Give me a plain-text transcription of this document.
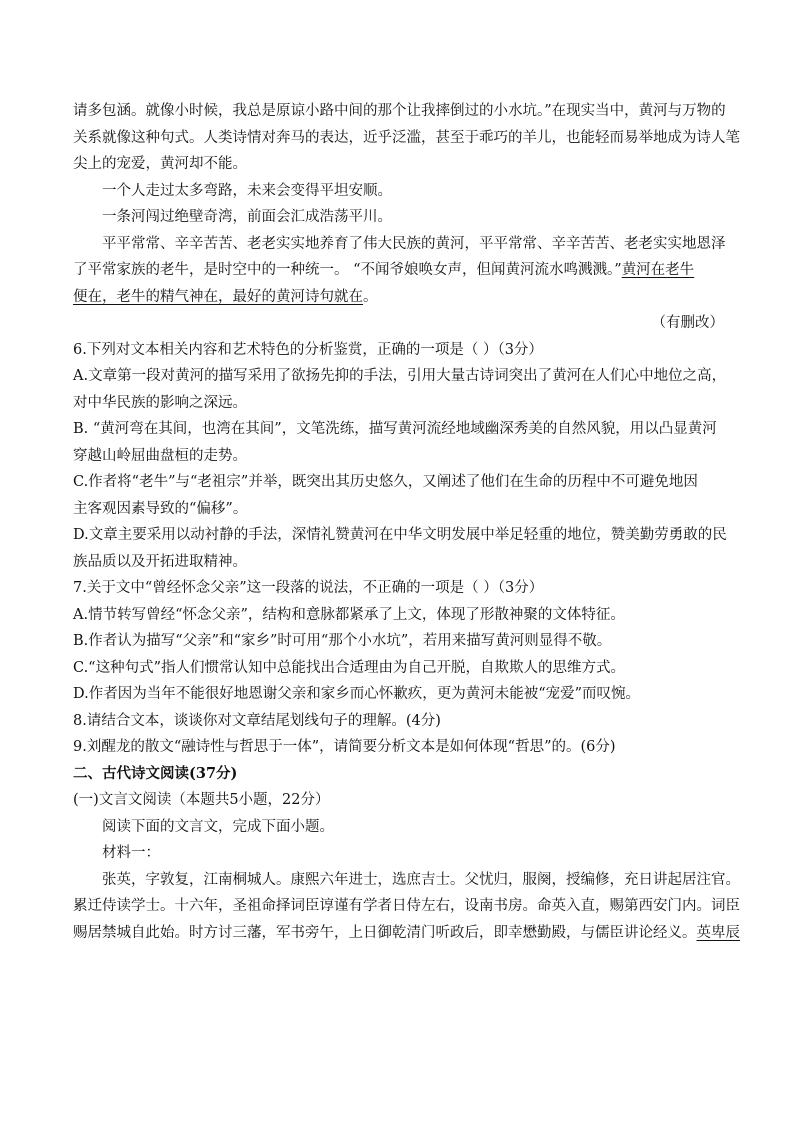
请多包涵。就像小时候，我总是原谅小路中间的那个让我摔倒过的小水坑。”在现实当中，黄河与万物的
关系就像这种句式。人类诗情对奔马的表达，近乎泛滥，甚至于乖巧的羊儿，也能轻而易举地成为诗人笔
尖上的宠爱，黄河却不能。
一个人走过太多弯路，未来会变得平坦安顺。
一条河闯过绝壁奇湾，前面会汇成浩荡平川。
平平常常、辛辛苦苦、老老实实地养育了伟大民族的黄河，平平常常、辛辛苦苦、老老实实地恩泽
了平常家族的老牛，是时空中的一种统一。 “不闻爷娘唤女声，但闻黄河流水鸣溅溅。”黄河在老牛
便在，老牛的精气神在，最好的黄河诗句就在。
（有删改）
6.下列对文本相关内容和艺术特色的分析鉴赏，正确的一项是（ ）（3分）
A.文章第一段对黄河的描写采用了欲扬先抑的手法，引用大量古诗词突出了黄河在人们心中地位之高，
对中华民族的影响之深远。
B. “黄河弯在其间，也湾在其间”，文笔洗练，描写黄河流经地域幽深秀美的自然风貌，用以凸显黄河
穿越山岭屈曲盘桓的走势。
C.作者将“老牛”与“老祖宗”并举，既突出其历史悠久，又阐述了他们在生命的历程中不可避免地因
主客观因素导致的“偏移”。
D.文章主要采用以动衬静的手法，深情礼赞黄河在中华文明发展中举足轻重的地位，赞美勤劳勇敢的民
族品质以及开拓进取精神。
7.关于文中“曾经怀念父亲”这一段落的说法，不正确的一项是（ ）（3分）
A.情节转写曾经“怀念父亲”，结构和意脉都紧承了上文，体现了形散神聚的文体特征。
B.作者认为描写“父亲”和“家乡”时可用“那个小水坑”，若用来描写黄河则显得不敬。
C.“这种句式”指人们惯常认知中总能找出合适理由为自己开脱，自欺欺人的思维方式。
D.作者因为当年不能很好地恩谢父亲和家乡而心怀歉疚，更为黄河未能被“宠爱”而叹惋。
8.请结合文本，谈谈你对文章结尾划线句子的理解。(4分)
9.刘醒龙的散文“融诗性与哲思于一体”，请简要分析文本是如何体现“哲思”的。(6分)
二、古代诗文阅读(37分)
(一)文言文阅读（本题共5小题，22分）
阅读下面的文言文，完成下面小题。
材料一：
张英，字敦复，江南桐城人。康熙六年进士，选庶吉士。父忧归，服阕，授编修，充日讲起居注官。
累迁侍读学士。十六年，圣祖命择词臣谆谨有学者日侍左右，设南书房。命英入直，赐第西安门内。词臣
赐居禁城自此始。时方讨三藩，军书旁午，上日御乾清门听政后，即幸懋勤殿，与儒臣讲论经义。英卑辰
